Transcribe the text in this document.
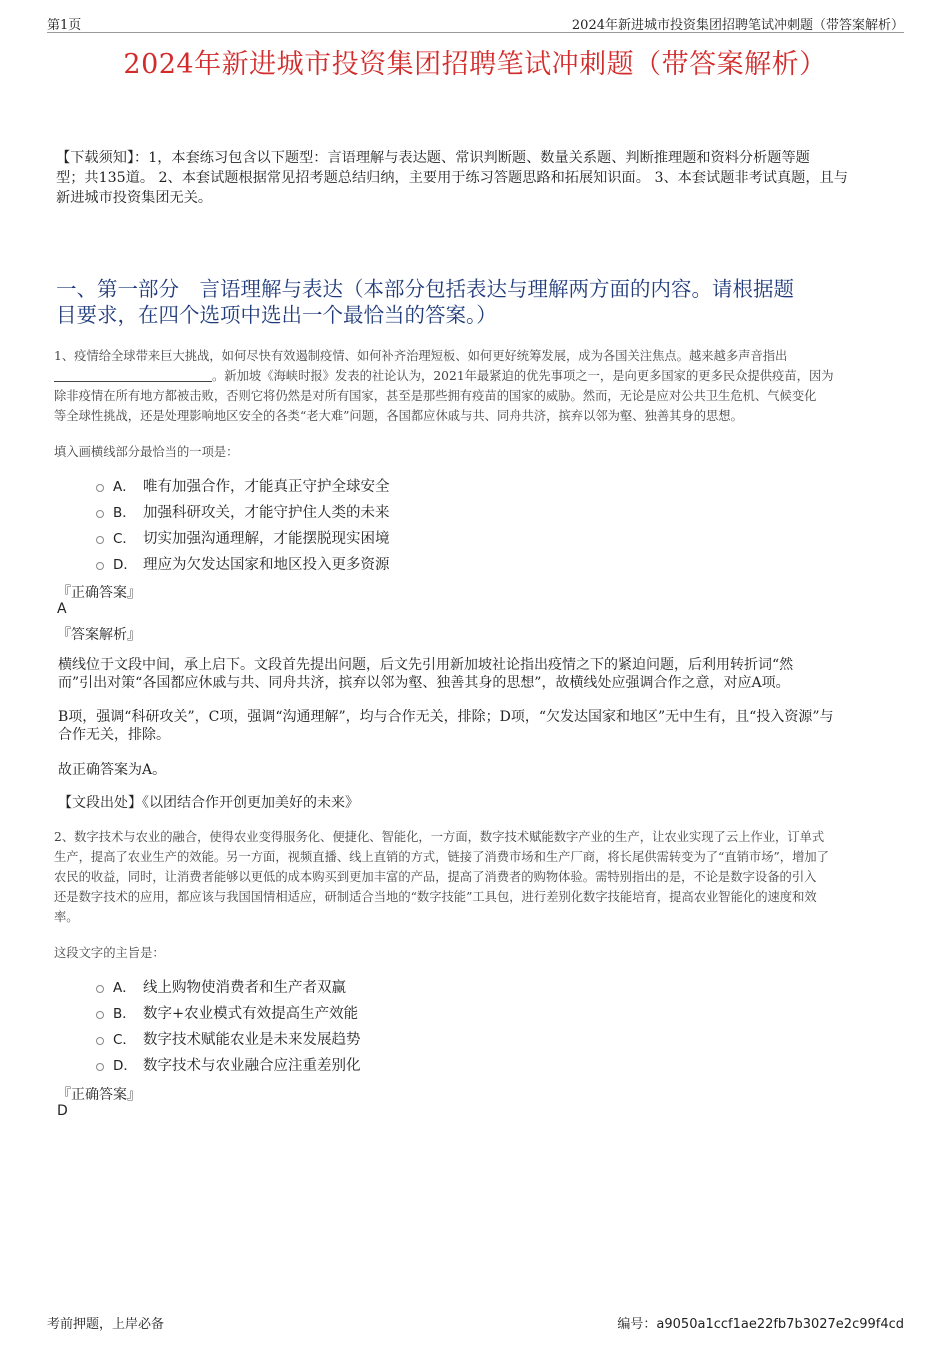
第1页	2024年新进城市投资集团招聘笔试冲刺题（带答案解析）
2024年新进城市投资集团招聘笔试冲刺题（带答案解析）
【下载须知】：1，本套练习包含以下题型：言语理解与表达题、常识判断题、数量关系题、判断推理题和资料分析题等题
型；共135道。 2、本套试题根据常见招考题总结归纳，主要用于练习答题思路和拓展知识面。 3、本套试题非考试真题，且与
新进城市投资集团无关。
一、第一部分　言语理解与表达（本部分包括表达与理解两方面的内容。请根据题
目要求，在四个选项中选出一个最恰当的答案。）
1、疫情给全球带来巨大挑战，如何尽快有效遏制疫情、如何补齐治理短板、如何更好统筹发展，成为各国关注焦点。越来越多声音指出
。新加坡《海峡时报》发表的社论认为，2021年最紧迫的优先事项之一，是向更多国家的更多民众提供疫苗，因为
除非疫情在所有地方都被击败，否则它将仍然是对所有国家，甚至是那些拥有疫苗的国家的威胁。然而，无论是应对公共卫生危机、气候变化
等全球性挑战，还是处理影响地区安全的各类“老大难”问题，各国都应休戚与共、同舟共济，摈弃以邻为壑、独善其身的思想。
填入画横线部分最恰当的一项是：
A． 唯有加强合作，才能真正守护全球安全
B． 加强科研攻关，才能守护住人类的未来
C． 切实加强沟通理解，才能摆脱现实困境
D． 理应为欠发达国家和地区投入更多资源
『正确答案』
A
『答案解析』
横线位于文段中间，承上启下。文段首先提出问题，后文先引用新加坡社论指出疫情之下的紧迫问题，后利用转折词“然
而”引出对策“各国都应休戚与共、同舟共济，摈弃以邻为壑、独善其身的思想”，故横线处应强调合作之意，对应A项。
B项，强调“科研攻关”，C项，强调“沟通理解”，均与合作无关，排除；D项，“欠发达国家和地区”无中生有，且“投入资源”与
合作无关，排除。
故正确答案为A。
【文段出处】《以团结合作开创更加美好的未来》
2、数字技术与农业的融合，使得农业变得服务化、便捷化、智能化，一方面，数字技术赋能数字产业的生产，让农业实现了云上作业，订单式
生产，提高了农业生产的效能。另一方面，视频直播、线上直销的方式，链接了消费市场和生产厂商，将长尾供需转变为了“直销市场”，增加了
农民的收益，同时，让消费者能够以更低的成本购买到更加丰富的产品，提高了消费者的购物体验。需特别指出的是，不论是数字设备的引入
还是数字技术的应用，都应该与我国国情相适应，研制适合当地的“数字技能”工具包，进行差别化数字技能培育，提高农业智能化的速度和效
率。
这段文字的主旨是：
A． 线上购物使消费者和生产者双赢
B． 数字+农业模式有效提高生产效能
C． 数字技术赋能农业是未来发展趋势
D． 数字技术与农业融合应注重差别化
『正确答案』
D
考前押题，上岸必备	编号：a9050a1ccf1ae22fb7b3027e2c99f4cd
